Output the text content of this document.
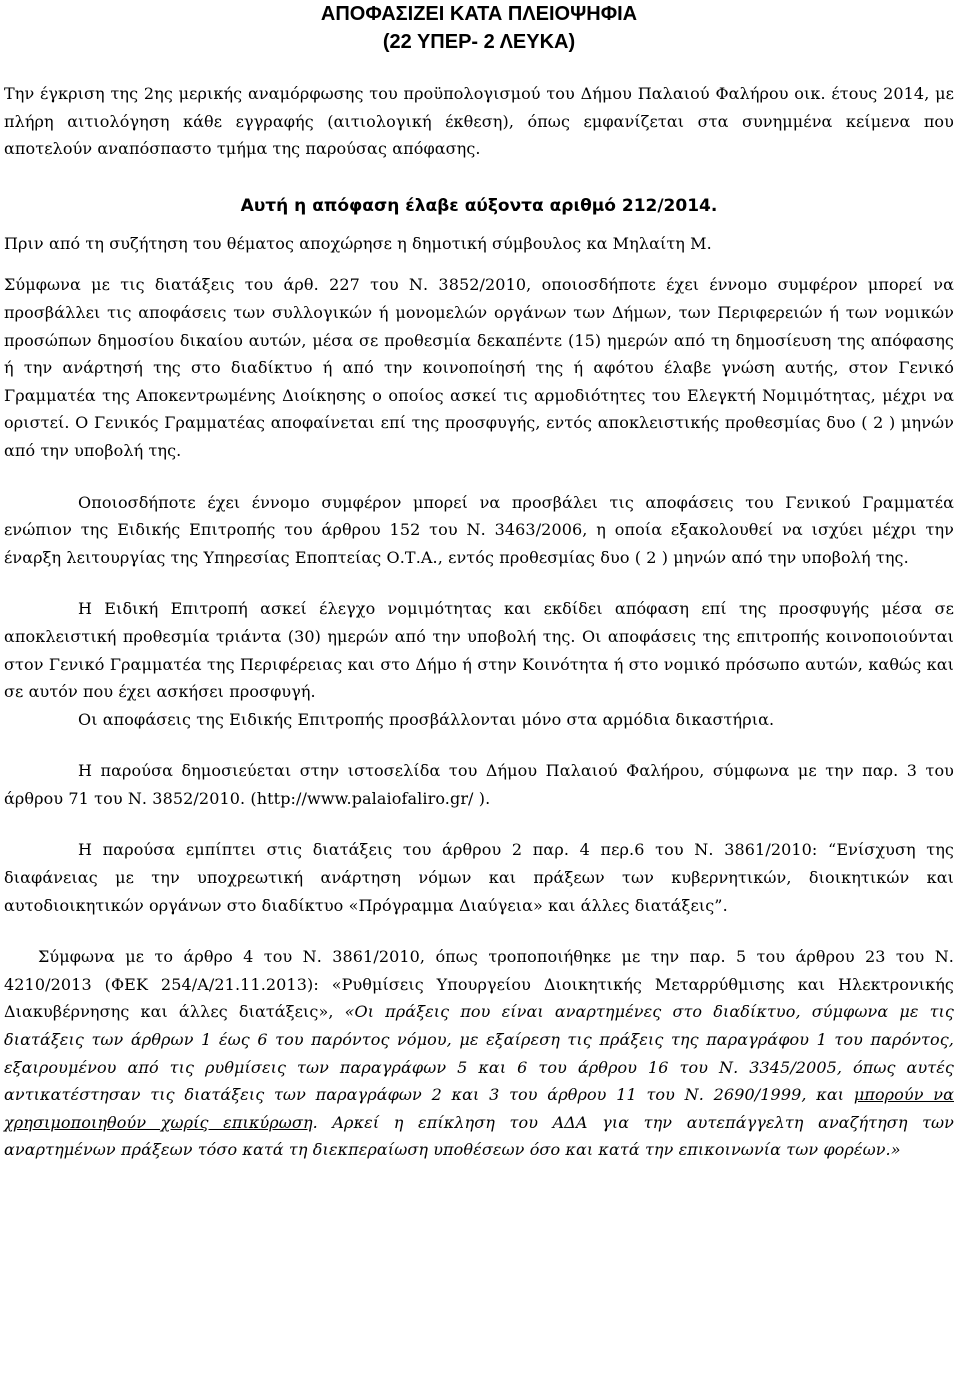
ΑΠΟΦΑΣΙΖΕΙ ΚΑΤΑ ΠΛΕΙΟΨΗΦΙΑ

(22 ΥΠΕΡ- 2 ΛΕΥΚΑ)

Την έγκριση της 2ης μερικής αναμόρφωσης του προϋπολογισμού του Δήμου Παλαιού Φαλήρου οικ. έτους 2014, με πλήρη αιτιολόγηση κάθε εγγραφής (αιτιολογική έκθεση), όπως εμφανίζεται στα συνημμένα κείμενα που αποτελούν αναπόσπαστο τμήμα της παρούσας απόφασης.

Αυτή η απόφαση έλαβε αύξοντα αριθμό 212/2014.

Πριν από τη συζήτηση του θέματος αποχώρησε η δημοτική σύμβουλος κα Μηλαίτη Μ.

Σύμφωνα με τις διατάξεις του άρθ. 227 του Ν. 3852/2010, οποιοσδήποτε έχει έννομο συμφέρον μπορεί να προσβάλλει τις αποφάσεις των συλλογικών ή μονομελών οργάνων των Δήμων, των Περιφερειών ή των νομικών προσώπων δημοσίου δικαίου αυτών, μέσα σε προθεσμία δεκαπέντε (15) ημερών από τη δημοσίευση της απόφασης ή την ανάρτησή της στο διαδίκτυο ή από την κοινοποίησή της ή αφότου έλαβε γνώση αυτής, στον Γενικό Γραμματέα της Αποκεντρωμένης Διοίκησης ο οποίος ασκεί τις αρμοδιότητες του Ελεγκτή Νομιμότητας, μέχρι να οριστεί. Ο Γενικός Γραμματέας αποφαίνεται επί της προσφυγής, εντός αποκλειστικής προθεσμίας δυο ( 2 ) μηνών από την υποβολή της.

Οποιοσδήποτε έχει έννομο συμφέρον μπορεί να προσβάλει τις αποφάσεις του Γενικού Γραμματέα ενώπιον της Ειδικής Επιτροπής του άρθρου 152 του Ν. 3463/2006, η οποία εξακολουθεί να ισχύει μέχρι την έναρξη λειτουργίας της Υπηρεσίας Εποπτείας Ο.Τ.Α., εντός προθεσμίας δυο ( 2 ) μηνών από την υποβολή της.

Η Ειδική Επιτροπή ασκεί έλεγχο νομιμότητας και εκδίδει απόφαση επί της προσφυγής μέσα σε αποκλειστική προθεσμία τριάντα (30) ημερών από την υποβολή της. Οι αποφάσεις της επιτροπής κοινοποιούνται στον Γενικό Γραμματέα της Περιφέρειας και στο Δήμο ή στην Κοινότητα ή στο νομικό πρόσωπο αυτών, καθώς και σε αυτόν που έχει ασκήσει προσφυγή.

Οι αποφάσεις της Ειδικής Επιτροπής προσβάλλονται μόνο στα αρμόδια δικαστήρια.

Η παρούσα δημοσιεύεται στην ιστοσελίδα του Δήμου Παλαιού Φαλήρου, σύμφωνα με την παρ. 3 του άρθρου 71 του Ν. 3852/2010. (http://www.palaiofaliro.gr/ ).

Η παρούσα εμπίπτει στις διατάξεις του άρθρου 2 παρ. 4 περ.6 του Ν. 3861/2010: “Ενίσχυση της διαφάνειας με την υποχρεωτική ανάρτηση νόμων και πράξεων των κυβερνητικών, διοικητικών και αυτοδιοικητικών οργάνων στο διαδίκτυο «Πρόγραμμα Διαύγεια» και άλλες διατάξεις”.

Σύμφωνα με το άρθρο 4 του Ν. 3861/2010, όπως τροποποιήθηκε με την παρ. 5 του άρθρου 23 του Ν. 4210/2013 (ΦΕΚ 254/Α/21.11.2013): «Ρυθμίσεις Υπουργείου Διοικητικής Μεταρρύθμισης και Ηλεκτρονικής Διακυβέρνησης και άλλες διατάξεις», «Οι πράξεις που είναι αναρτημένες στο διαδίκτυο, σύμφωνα με τις διατάξεις των άρθρων 1 έως 6 του παρόντος νόμου, με εξαίρεση τις πράξεις της παραγράφου 1 του παρόντος, εξαιρουμένου από τις ρυθμίσεις των παραγράφων 5 και 6 του άρθρου 16 του Ν. 3345/2005, όπως αυτές αντικατέστησαν τις διατάξεις των παραγράφων 2 και 3 του άρθρου 11 του Ν. 2690/1999, και μπορούν να χρησιμοποιηθούν χωρίς επικύρωση. Αρκεί η επίκληση του ΑΔΑ για την αυτεπάγγελτη αναζήτηση των αναρτημένων πράξεων τόσο κατά τη διεκπεραίωση υποθέσεων όσο και κατά την επικοινωνία των φορέων.»
